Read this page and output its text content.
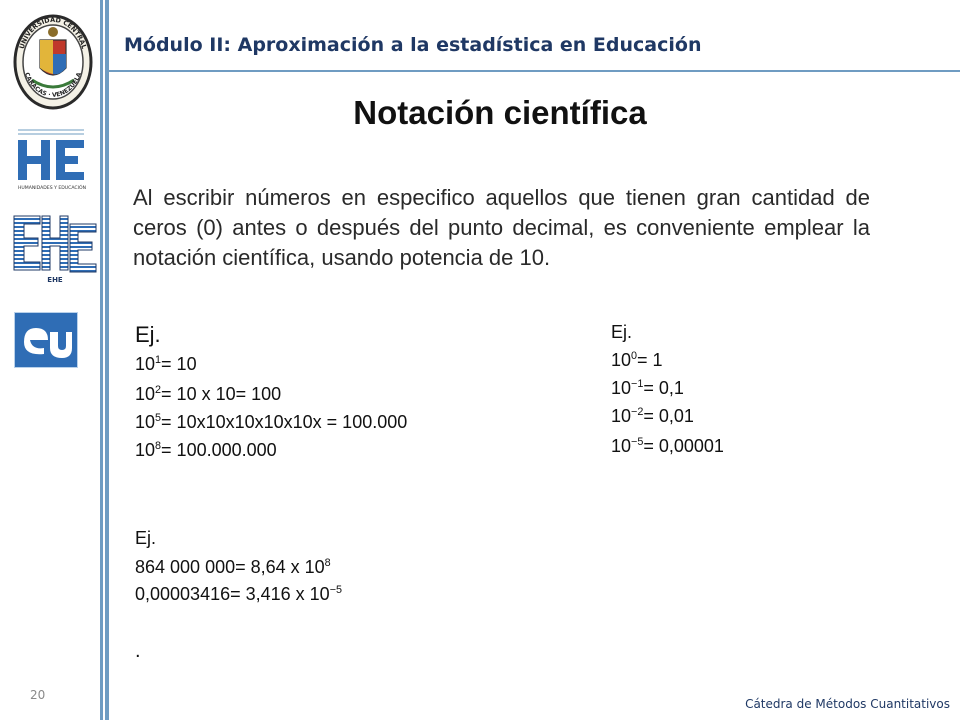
UNIVERSIDAD CENTRAL
CARACAS · VENEZUELA
HUMANIDADES Y EDUCACIÓN
EHE
ee
Módulo II: Aproximación a la estadística en Educación
Notación científica
Al escribir números en especifico aquellos que tienen gran cantidad de ceros (0) antes o después del punto decimal, es conveniente emplear la notación científica, usando potencia de 10.
Ej.
$10^1= 10$
$10^2= 10$ x 10= 100
$10^5= 10x10x10x10x10x = 100.000$
$10^8= 100.000.000$
Ej.
$10^0= 1$
$10^{-1}= 0,1$
$10^{-2}= 0,01$
$10^{-5}= 0,00001$
Ej.
864 000 000= 8,64 x $10^8$
0,00003416= 3,416 x $10^{-5}$
.
20
Cátedra de Métodos Cuantitativos
